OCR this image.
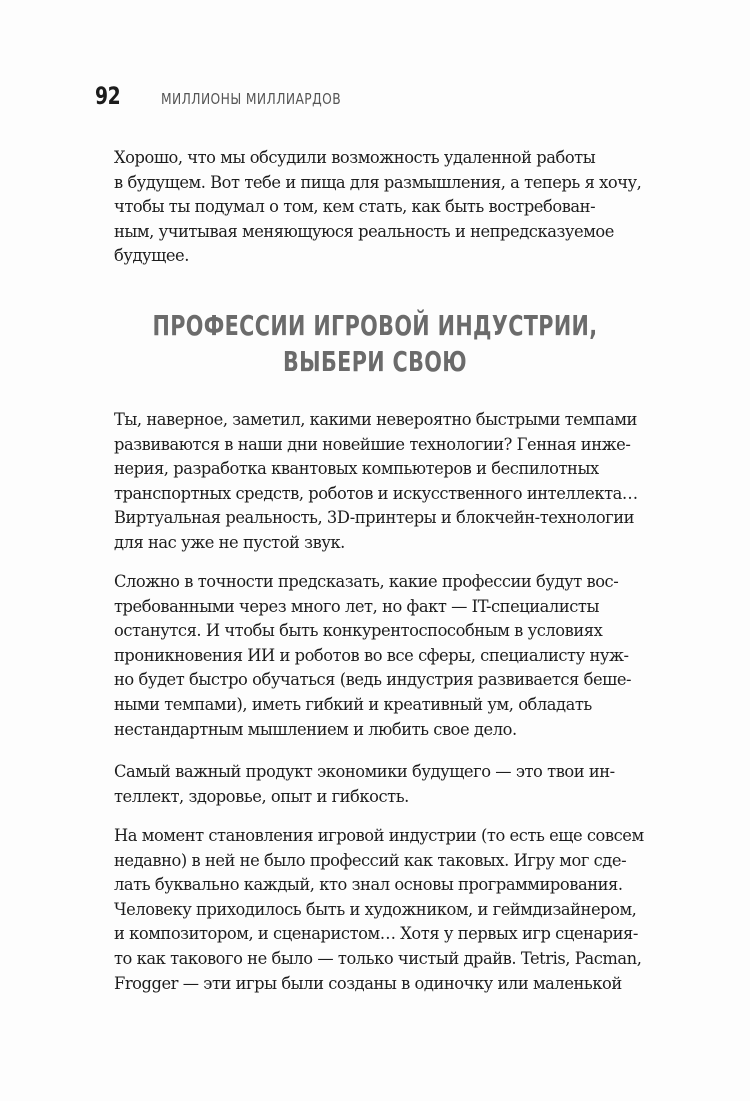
92	МИЛЛИОНЫ МИЛЛИАРДОВ

Хорошо, что мы обсудили возможность удаленной работы
в будущем. Вот тебе и пища для размышления, а теперь я хочу,
чтобы ты подумал о том, кем стать, как быть востребован-
ным, учитывая меняющуюся реальность и непредсказуемое
будущее.

ПРОФЕССИИ ИГРОВОЙ ИНДУСТРИИ,
ВЫБЕРИ СВОЮ

Ты, наверное, заметил, какими невероятно быстрыми темпами
развиваются в наши дни новейшие технологии? Генная инже-
нерия, разработка квантовых компьютеров и беспилотных
транспортных средств, роботов и искусственного интеллекта…
Виртуальная реальность, 3D-принтеры и блокчейн-технологии
для нас уже не пустой звук.

Сложно в точности предсказать, какие профессии будут вос-
требованными через много лет, но факт — IT-специалисты
останутся. И чтобы быть конкурентоспособным в условиях
проникновения ИИ и роботов во все сферы, специалисту нуж-
но будет быстро обучаться (ведь индустрия развивается беше-
ными темпами), иметь гибкий и креативный ум, обладать
нестандартным мышлением и любить свое дело.

Самый важный продукт экономики будущего — это твои ин-
теллект, здоровье, опыт и гибкость.

На момент становления игровой индустрии (то есть еще совсем
недавно) в ней не было профессий как таковых. Игру мог сде-
лать буквально каждый, кто знал основы программирования.
Человеку приходилось быть и художником, и геймдизайнером,
и композитором, и сценаристом… Хотя у первых игр сценария-
то как такового не было — только чистый драйв. Tetris, Pacman,
Frogger — эти игры были созданы в одиночку или маленькой
